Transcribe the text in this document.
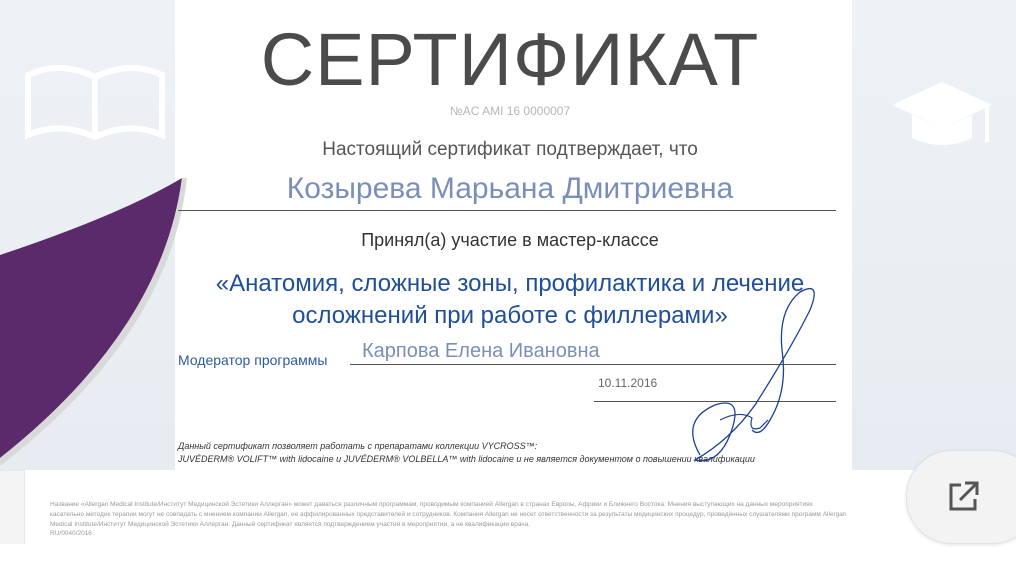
СЕРТИФИКАТ
№AC AMI 16 0000007
Настоящий сертификат подтверждает, что
Козырева Марьана Дмитриевна
Принял(а) участие в мастер-классе
«Анатомия, сложные зоны, профилактика и лечение осложнений при работе с филлерами»
Модератор программы Карпова Елена Ивановна
10.11.2016
Данный сертификат позволяет работать с препаратами коллекции VYCROSS™:
JUVÉDERM® VOLIFT™ with lidocaine и JUVÉDERM® VOLBELLA™ with lidocaine и не является документом о повышении квалификации
Название «Allergan Medical Institute/Институт Медицинской Эстетики Аллерган» может даваться различным программам, проводимым компанией Allergan в странах Европы, Африки и Ближнего Востока. Мнения выступающих на данных мероприятиях
касательно методик терапии могут не совпадать с мнением компании Allergan, ее аффилированных представителей и сотрудников. Компания Allergan не несет ответственности за результаты медицинских процедур, проведённых слушателями программ Allergan
Medical Institute/Институт Медицинской Эстетики Аллерган. Данный сертификат является подтверждением участия в мероприятии, а не квалификации врача.
RU/0040/2016
